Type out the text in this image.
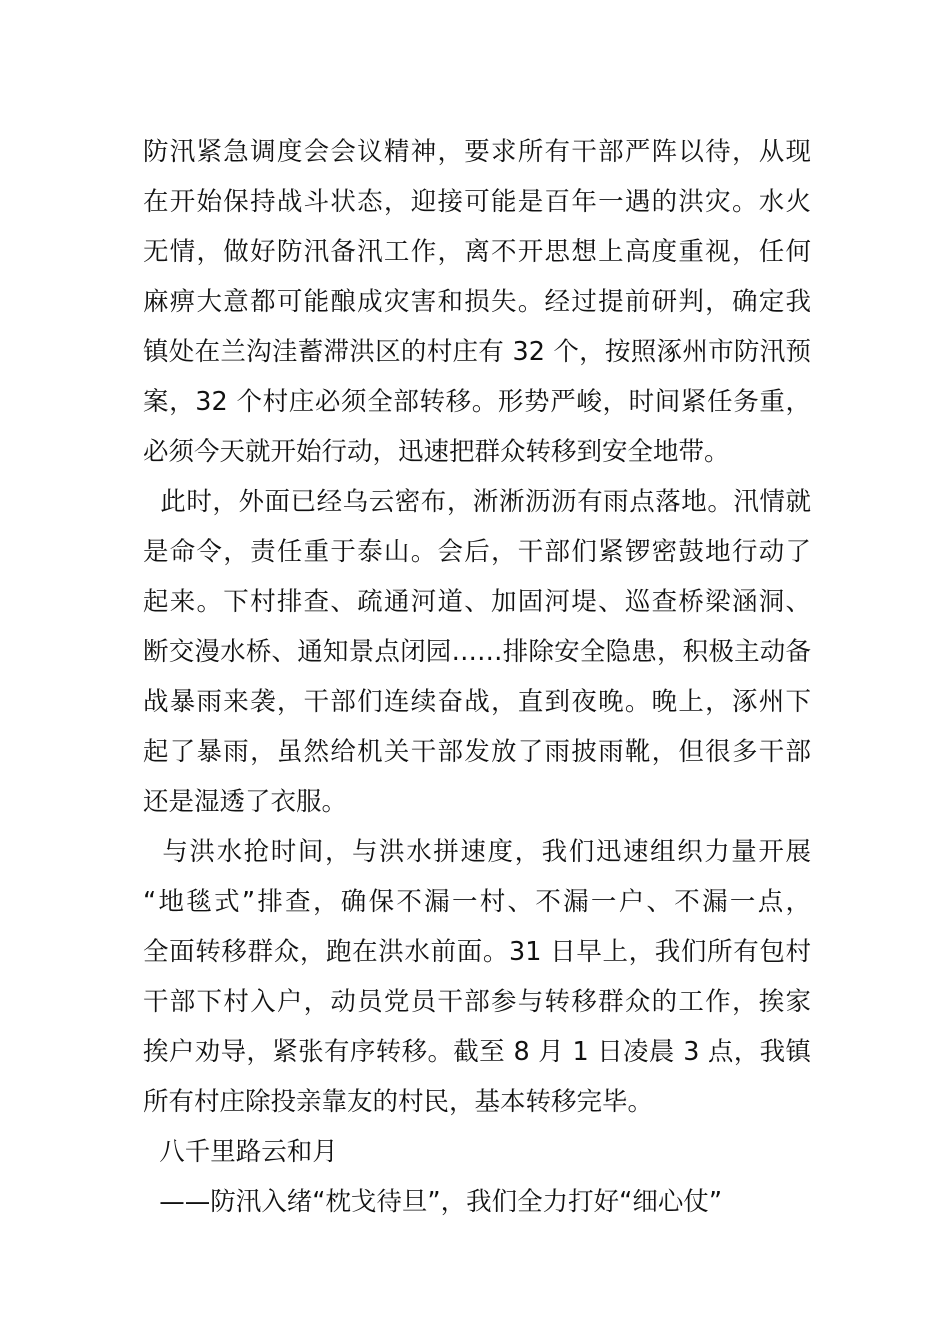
防汛紧急调度会会议精神，要求所有干部严阵以待，从现
在开始保持战斗状态，迎接可能是百年一遇的洪灾。水火
无情，做好防汛备汛工作，离不开思想上高度重视，任何
麻痹大意都可能酿成灾害和损失。经过提前研判，确定我
镇处在兰沟洼蓄滞洪区的村庄有 32 个，按照涿州市防汛预
案，32 个村庄必须全部转移。形势严峻，时间紧任务重，
必须今天就开始行动，迅速把群众转移到安全地带。
此时，外面已经乌云密布，淅淅沥沥有雨点落地。汛情就
是命令，责任重于泰山。会后，干部们紧锣密鼓地行动了
起来。下村排查、疏通河道、加固河堤、巡查桥梁涵洞、
断交漫水桥、通知景点闭园……排除安全隐患，积极主动备
战暴雨来袭，干部们连续奋战，直到夜晚。晚上，涿州下
起了暴雨，虽然给机关干部发放了雨披雨靴，但很多干部
还是湿透了衣服。
与洪水抢时间，与洪水拼速度，我们迅速组织力量开展
“地毯式”排查，确保不漏一村、不漏一户、不漏一点，
全面转移群众，跑在洪水前面。31 日早上，我们所有包村
干部下村入户，动员党员干部参与转移群众的工作，挨家
挨户劝导，紧张有序转移。截至 8 月 1 日凌晨 3 点，我镇
所有村庄除投亲靠友的村民，基本转移完毕。
八千里路云和月
——防汛入绪“枕戈待旦”，我们全力打好“细心仗”
